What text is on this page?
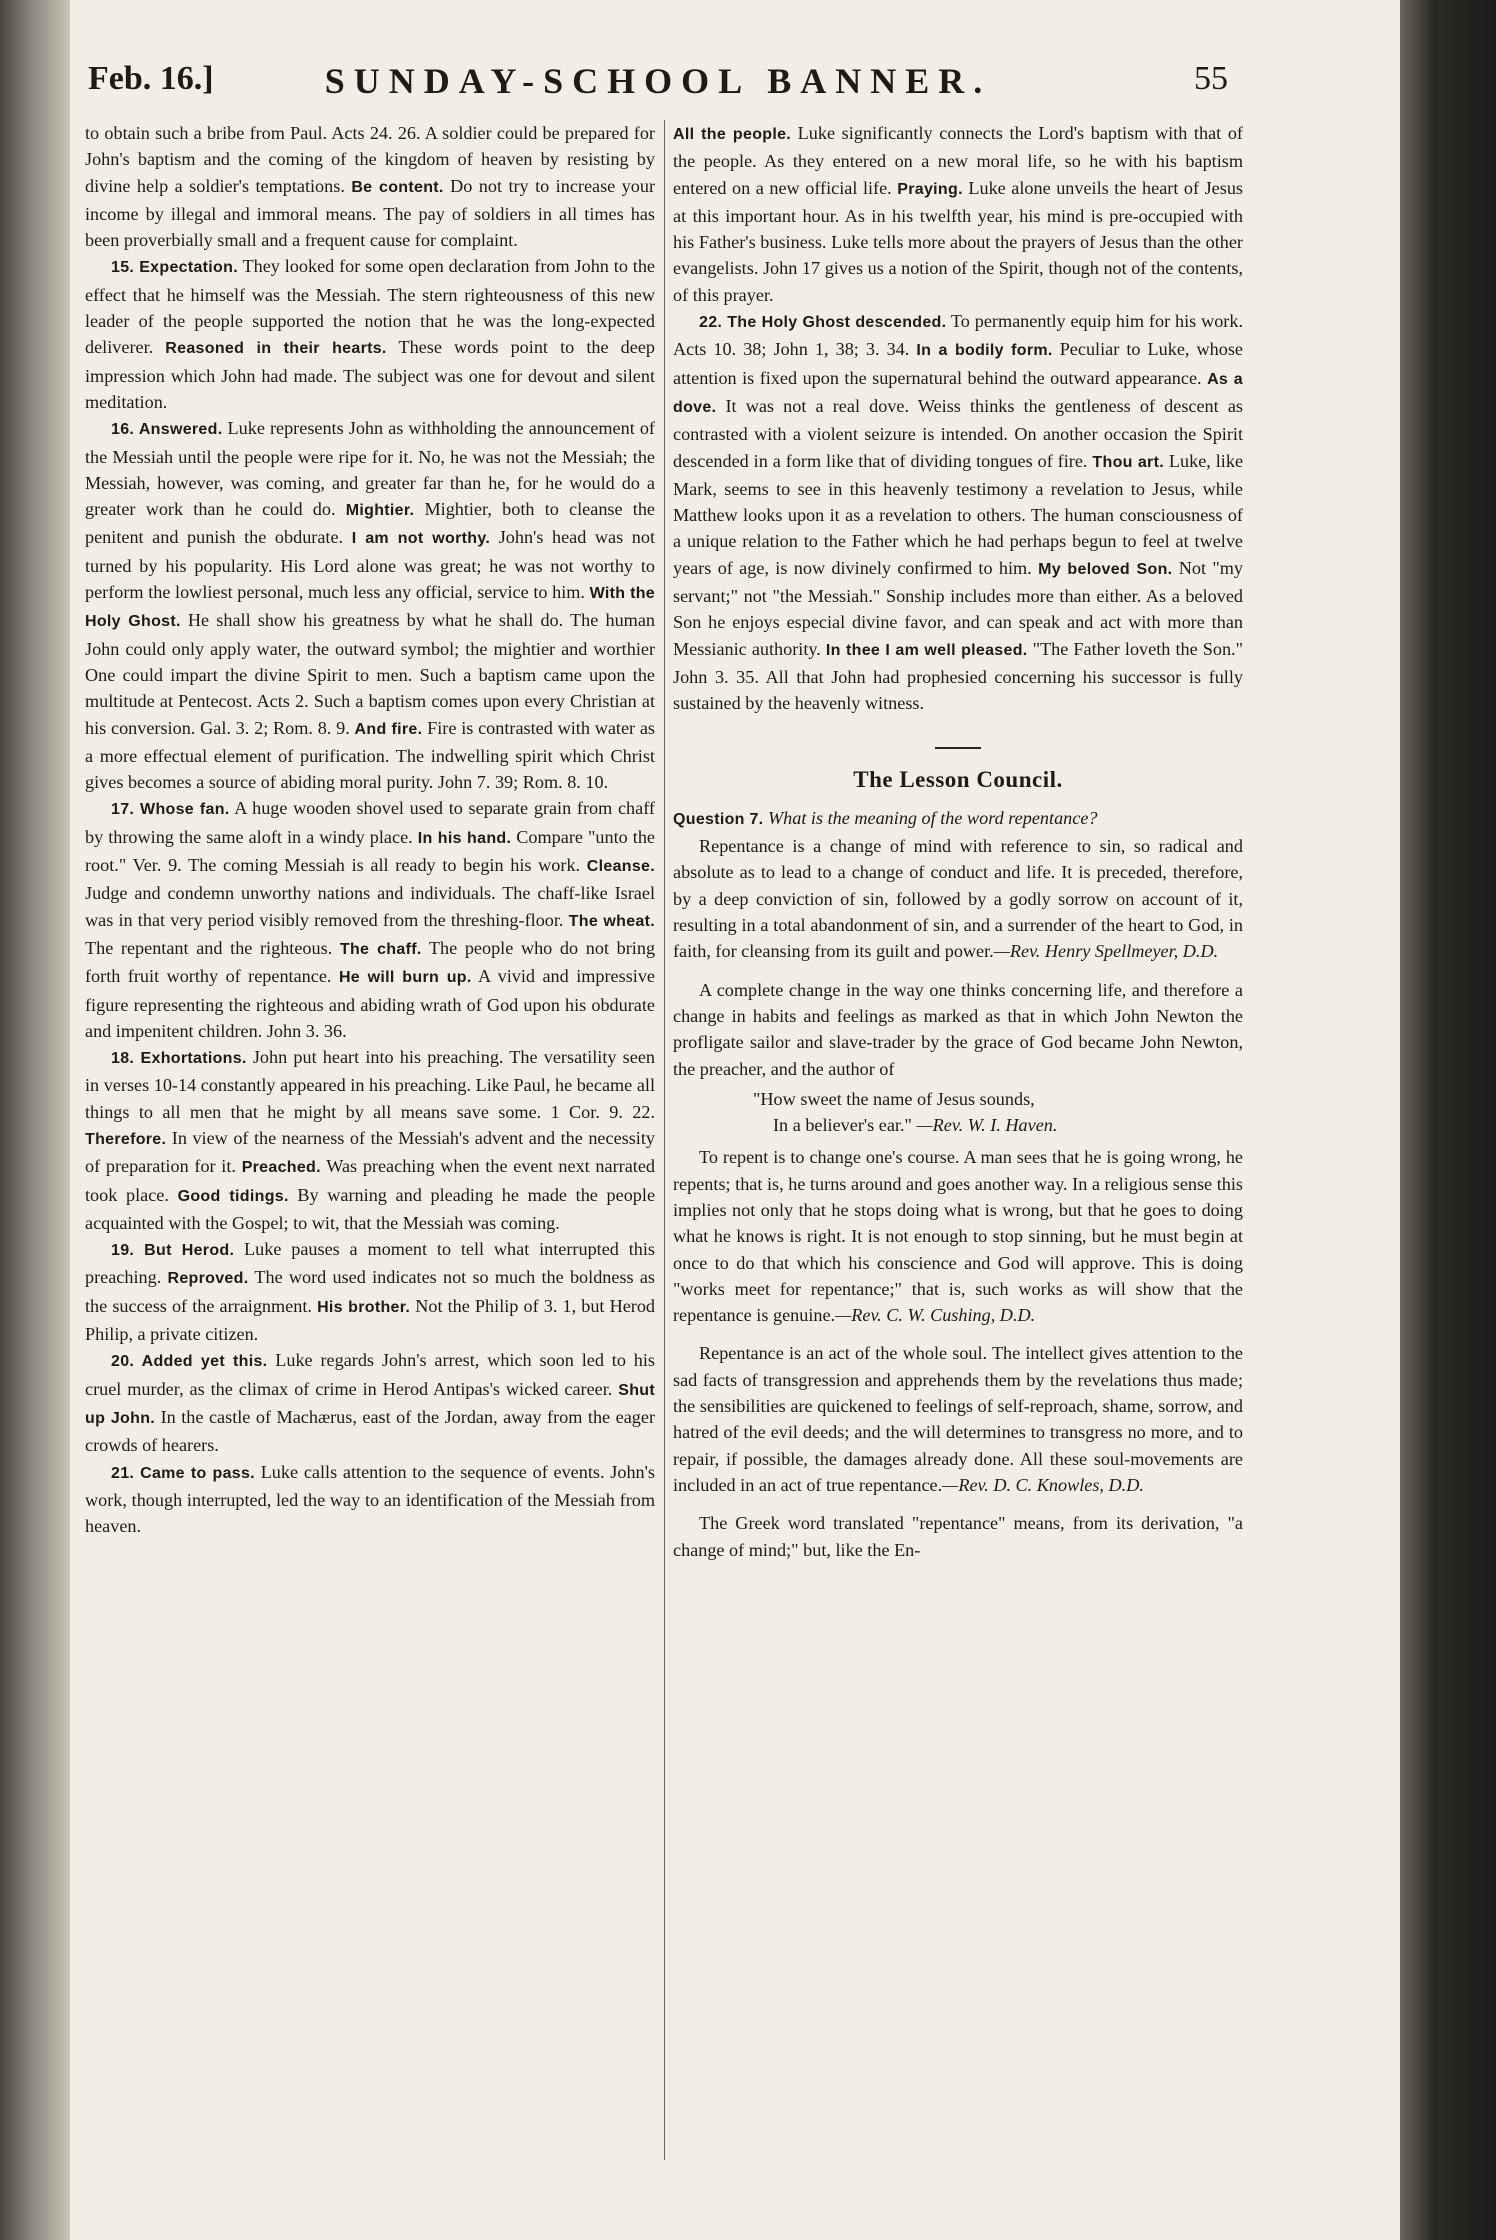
Feb. 16.]	SUNDAY-SCHOOL BANNER.	55

to obtain such a bribe from Paul. Acts 24. 26. A soldier could be prepared for John's baptism and the coming of the kingdom of heaven by resisting by divine help a soldier's temptations. Be content. Do not try to increase your income by illegal and immoral means. The pay of soldiers in all times has been proverbially small and a frequent cause for complaint.

15. Expectation. They looked for some open declaration from John to the effect that he himself was the Messiah. The stern righteousness of this new leader of the people supported the notion that he was the long-expected deliverer. Reasoned in their hearts. These words point to the deep impression which John had made. The subject was one for devout and silent meditation.

16. Answered. Luke represents John as withholding the announcement of the Messiah until the people were ripe for it. No, he was not the Messiah; the Messiah, however, was coming, and greater far than he, for he would do a greater work than he could do. Mightier. Mightier, both to cleanse the penitent and punish the obdurate. I am not worthy. John's head was not turned by his popularity. His Lord alone was great; he was not worthy to perform the lowliest personal, much less any official, service to him. With the Holy Ghost. He shall show his greatness by what he shall do. The human John could only apply water, the outward symbol; the mightier and worthier One could impart the divine Spirit to men. Such a baptism came upon the multitude at Pentecost. Acts 2. Such a baptism comes upon every Christian at his conversion. Gal. 3. 2; Rom. 8. 9. And fire. Fire is contrasted with water as a more effectual element of purification. The indwelling spirit which Christ gives becomes a source of abiding moral purity. John 7. 39; Rom. 8. 10.

17. Whose fan. A huge wooden shovel used to separate grain from chaff by throwing the same aloft in a windy place. In his hand. Compare "unto the root." Ver. 9. The coming Messiah is all ready to begin his work. Cleanse. Judge and condemn unworthy nations and individuals. The chaff-like Israel was in that very period visibly removed from the threshing-floor. The wheat. The repentant and the righteous. The chaff. The people who do not bring forth fruit worthy of repentance. He will burn up. A vivid and impressive figure representing the righteous and abiding wrath of God upon his obdurate and impenitent children. John 3. 36.

18. Exhortations. John put heart into his preaching. The versatility seen in verses 10-14 constantly appeared in his preaching. Like Paul, he became all things to all men that he might by all means save some. 1 Cor. 9. 22. Therefore. In view of the nearness of the Messiah's advent and the necessity of preparation for it. Preached. Was preaching when the event next narrated took place. Good tidings. By warning and pleading he made the people acquainted with the Gospel; to wit, that the Messiah was coming.

19. But Herod. Luke pauses a moment to tell what interrupted this preaching. Reproved. The word used indicates not so much the boldness as the success of the arraignment. His brother. Not the Philip of 3. 1, but Herod Philip, a private citizen.

20. Added yet this. Luke regards John's arrest, which soon led to his cruel murder, as the climax of crime in Herod Antipas's wicked career. Shut up John. In the castle of Machærus, east of the Jordan, away from the eager crowds of hearers.

21. Came to pass. Luke calls attention to the sequence of events. John's work, though interrupted, led the way to an identification of the Messiah from heaven.

All the people. Luke significantly connects the Lord's baptism with that of the people. As they entered on a new moral life, so he with his baptism entered on a new official life. Praying. Luke alone unveils the heart of Jesus at this important hour. As in his twelfth year, his mind is pre-occupied with his Father's business. Luke tells more about the prayers of Jesus than the other evangelists. John 17 gives us a notion of the Spirit, though not of the contents, of this prayer.

22. The Holy Ghost descended. To permanently equip him for his work. Acts 10. 38; John 1, 38; 3. 34. In a bodily form. Peculiar to Luke, whose attention is fixed upon the supernatural behind the outward appearance. As a dove. It was not a real dove. Weiss thinks the gentleness of descent as contrasted with a violent seizure is intended. On another occasion the Spirit descended in a form like that of dividing tongues of fire. Thou art. Luke, like Mark, seems to see in this heavenly testimony a revelation to Jesus, while Matthew looks upon it as a revelation to others. The human consciousness of a unique relation to the Father which he had perhaps begun to feel at twelve years of age, is now divinely confirmed to him. My beloved Son. Not "my servant;" not "the Messiah." Sonship includes more than either. As a beloved Son he enjoys especial divine favor, and can speak and act with more than Messianic authority. In thee I am well pleased. "The Father loveth the Son." John 3. 35. All that John had prophesied concerning his successor is fully sustained by the heavenly witness.

The Lesson Council.

Question 7. What is the meaning of the word repentance?

Repentance is a change of mind with reference to sin, so radical and absolute as to lead to a change of conduct and life. It is preceded, therefore, by a deep conviction of sin, followed by a godly sorrow on account of it, resulting in a total abandonment of sin, and a surrender of the heart to God, in faith, for cleansing from its guilt and power.—Rev. Henry Spellmeyer, D.D.

A complete change in the way one thinks concerning life, and therefore a change in habits and feelings as marked as that in which John Newton the profligate sailor and slave-trader by the grace of God became John Newton, the preacher, and the author of

"How sweet the name of Jesus sounds,
In a believer's ear." —Rev. W. I. Haven.

To repent is to change one's course. A man sees that he is going wrong, he repents; that is, he turns around and goes another way. In a religious sense this implies not only that he stops doing what is wrong, but that he goes to doing what he knows is right. It is not enough to stop sinning, but he must begin at once to do that which his conscience and God will approve. This is doing "works meet for repentance;" that is, such works as will show that the repentance is genuine.—Rev. C. W. Cushing, D.D.

Repentance is an act of the whole soul. The intellect gives attention to the sad facts of transgression and apprehends them by the revelations thus made; the sensibilities are quickened to feelings of self-reproach, shame, sorrow, and hatred of the evil deeds; and the will determines to transgress no more, and to repair, if possible, the damages already done. All these soul-movements are included in an act of true repentance.—Rev. D. C. Knowles, D.D.

The Greek word translated "repentance" means, from its derivation, "a change of mind;" but, like the En-
